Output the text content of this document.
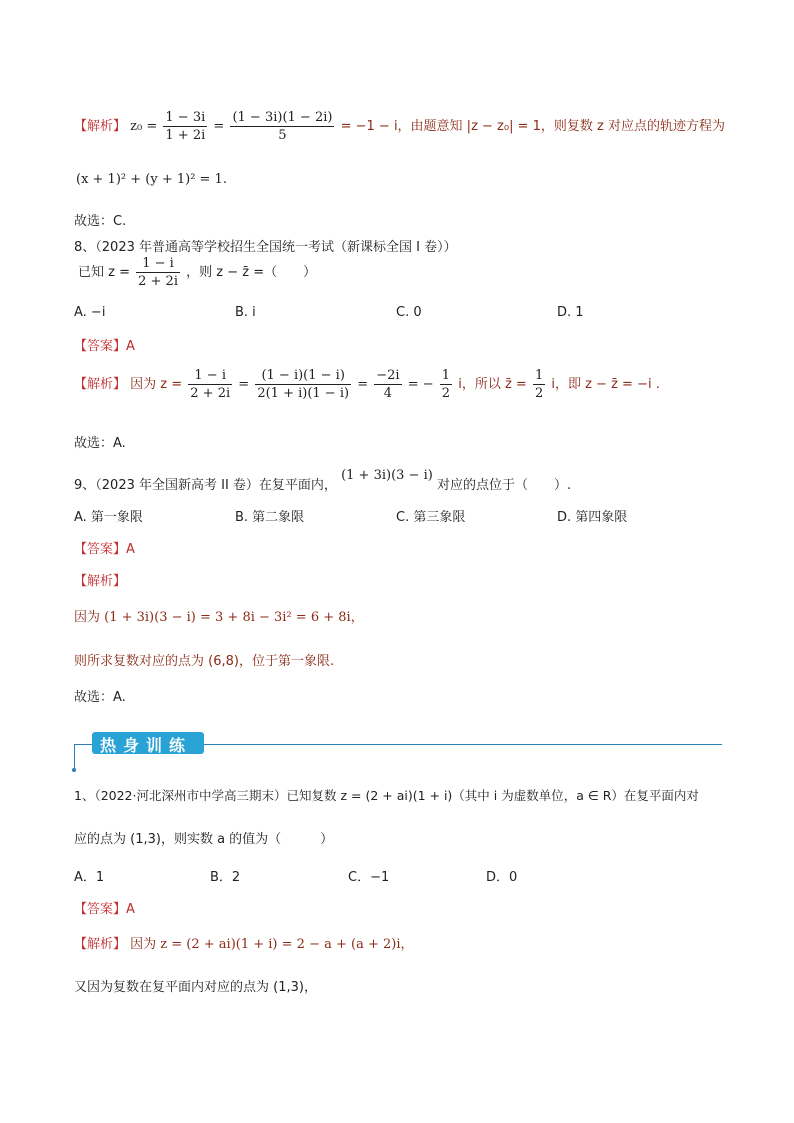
【解析】 $z_0 = \frac{1 - 3i}{1 + 2i} = \frac{(1 - 3i)(1 - 2i)}{5} = -1 - i$，由题意知 |z − z₀| = 1，则复数 z 对应点的轨迹方程为
(x + 1)² + (y + 1)² = 1.
故选：C.
8、（2023 年普通高等学校招生全国统一考试（新课标全国 I 卷））
已知 $z = \frac{1 - i}{2 + 2i}$ ，则 z − z̄ =（　　）
A. −i	B. i	C. 0	D. 1
【答案】A
【解析】 因为 $z = \frac{1 - i}{2 + 2i} = \frac{(1 - i)(1 - i)}{2(1 + i)(1 - i)} = \frac{-2i}{4}$ = − $\frac{1}{2}$ i，所以 z̄ = $\frac{1}{2}$ i，即 z − z̄ = −i .
故选：A.
9、（2023 年全国新高考 II 卷）在复平面内， (1 + 3i)(3 − i) 对应的点位于（　　）.
A. 第一象限	B. 第二象限	C. 第三象限	D. 第四象限
【答案】A
【解析】
因为 (1 + 3i)(3 − i) = 3 + 8i − 3i² = 6 + 8i，
则所求复数对应的点为 (6,8)，位于第一象限.
故选：A.
热身训练
1、（2022·河北深州市中学高三期末）已知复数 z = (2 + ai)(1 + i)（其中 i 为虚数单位，a ∈ R）在复平面内对
应的点为 (1,3)，则实数 a 的值为（　　　）
A．1	B．2	C．−1	D．0
【答案】A
【解析】 因为 z = (2 + ai)(1 + i) = 2 − a + (a + 2)i，
又因为复数在复平面内对应的点为 (1,3)，
